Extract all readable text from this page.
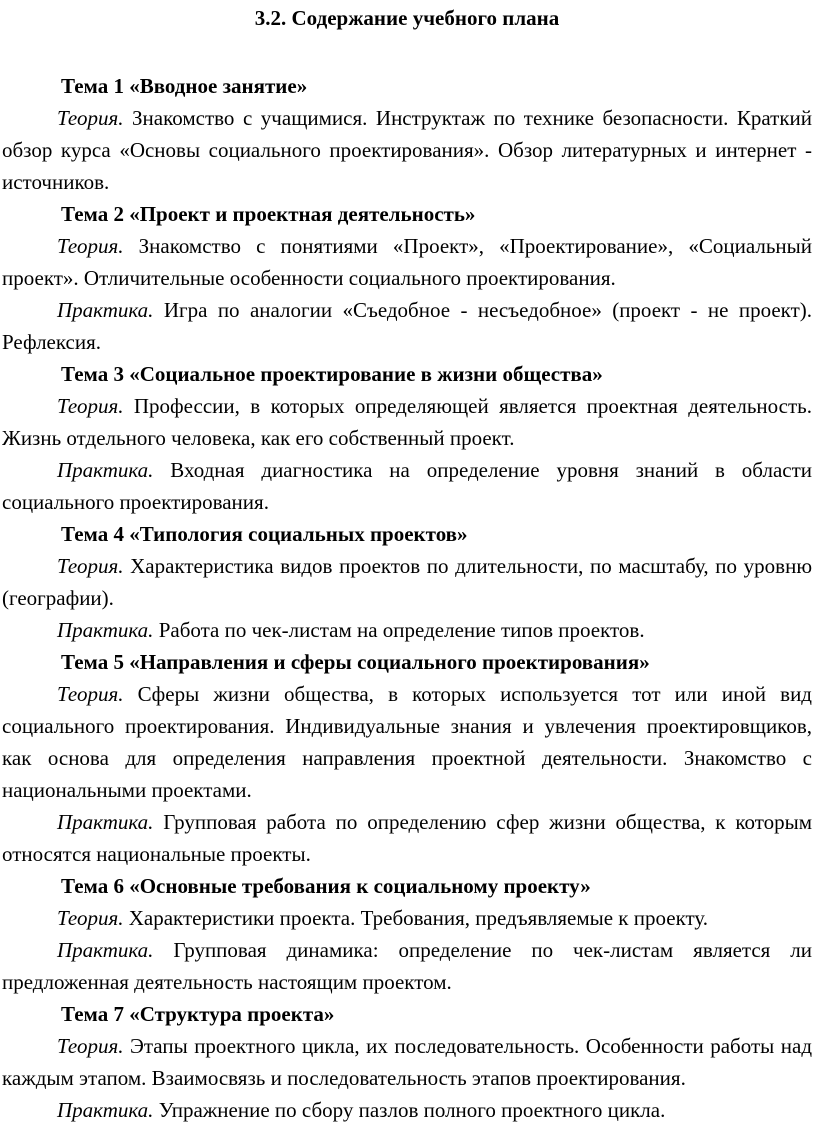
3.2. Содержание учебного плана
Тема 1 «Вводное занятие»

Теория. Знакомство с учащимися. Инструктаж по технике безопасности. Краткий обзор курса «Основы социального проектирования». Обзор литературных и интернет - источников.

Тема 2 «Проект и проектная деятельность»

Теория. Знакомство с понятиями «Проект», «Проектирование», «Социальный проект». Отличительные особенности социального проектирования.

Практика. Игра по аналогии «Съедобное - несъедобное» (проект - не проект). Рефлексия.

Тема 3 «Социальное проектирование в жизни общества»

Теория. Профессии, в которых определяющей является проектная деятельность. Жизнь отдельного человека, как его собственный проект.

Практика. Входная диагностика на определение уровня знаний в области социального проектирования.

Тема 4 «Типология социальных проектов»

Теория. Характеристика видов проектов по длительности, по масштабу, по уровню (географии).

Практика. Работа по чек-листам на определение типов проектов.

Тема 5 «Направления и сферы социального проектирования»

Теория. Сферы жизни общества, в которых используется тот или иной вид социального проектирования. Индивидуальные знания и увлечения проектировщиков, как основа для определения направления проектной деятельности. Знакомство с национальными проектами.

Практика. Групповая работа по определению сфер жизни общества, к которым относятся национальные проекты.

Тема 6 «Основные требования к социальному проекту»

Теория. Характеристики проекта. Требования, предъявляемые к проекту.

Практика. Групповая динамика: определение по чек-листам является ли предложенная деятельность настоящим проектом.

Тема 7 «Структура проекта»

Теория. Этапы проектного цикла, их последовательность. Особенности работы над каждым этапом. Взаимосвязь и последовательность этапов проектирования.

Практика. Упражнение по сбору пазлов полного проектного цикла.
